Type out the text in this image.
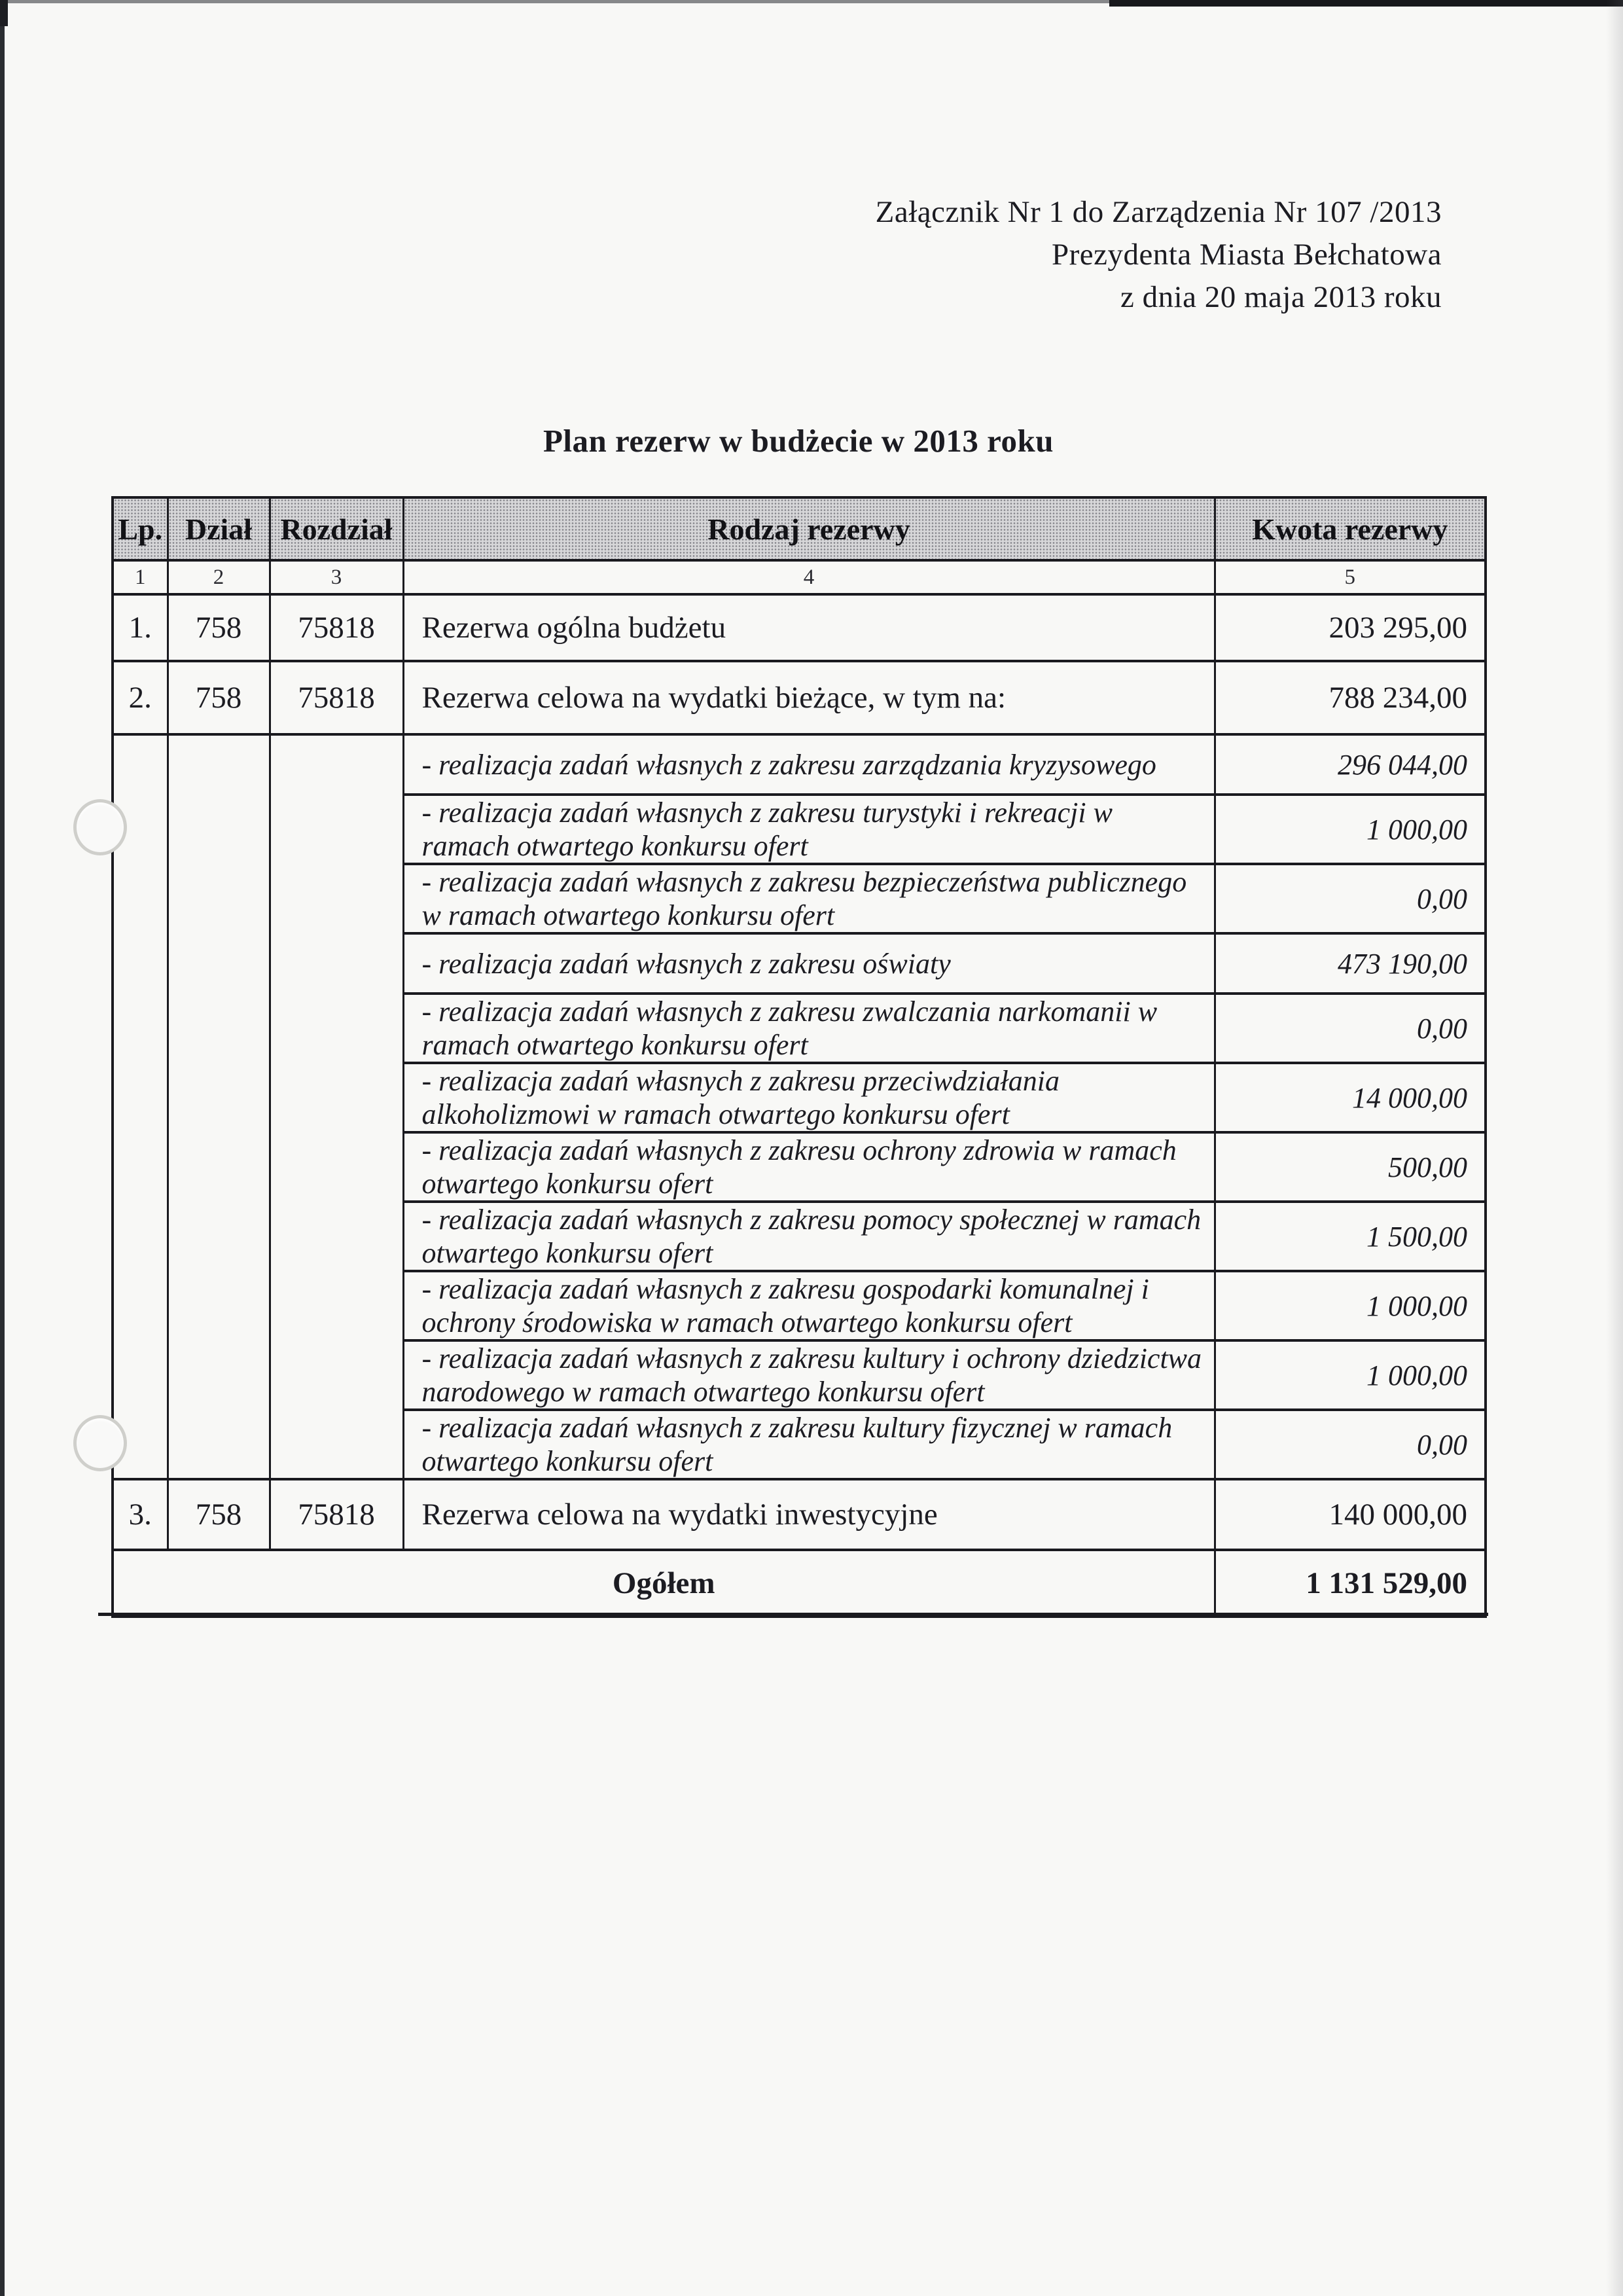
Załącznik Nr 1 do Zarządzenia Nr 107 /2013
Prezydenta Miasta Bełchatowa
z dnia 20 maja 2013 roku
Plan rezerw w budżecie w 2013 roku
Lp.	Dział	Rozdział	Rodzaj rezerwy	Kwota rezerwy
1	2	3	4	5
1.	758	75818	Rezerwa ogólna budżetu	203 295,00
2.	758	75818	Rezerwa celowa na wydatki bieżące, w tym na:	788 234,00
			- realizacja zadań własnych z zakresu zarządzania kryzysowego	296 044,00
			- realizacja zadań własnych z zakresu turystyki i rekreacji w ramach otwartego konkursu ofert	1 000,00
			- realizacja zadań własnych z zakresu bezpieczeństwa publicznego w ramach otwartego konkursu ofert	0,00
			- realizacja zadań własnych z zakresu oświaty	473 190,00
			- realizacja zadań własnych z zakresu zwalczania narkomanii w ramach otwartego konkursu ofert	0,00
			- realizacja zadań własnych z zakresu przeciwdziałania alkoholizmowi w ramach otwartego konkursu ofert	14 000,00
			- realizacja zadań własnych z zakresu ochrony zdrowia w ramach otwartego konkursu ofert	500,00
			- realizacja zadań własnych z zakresu pomocy społecznej w ramach otwartego konkursu ofert	1 500,00
			- realizacja zadań własnych z zakresu gospodarki komunalnej i ochrony środowiska w ramach otwartego konkursu ofert	1 000,00
			- realizacja zadań własnych z zakresu kultury i ochrony dziedzictwa narodowego w ramach otwartego konkursu ofert	1 000,00
			- realizacja zadań własnych z zakresu kultury fizycznej w ramach otwartego konkursu ofert	0,00
3.	758	75818	Rezerwa celowa na wydatki inwestycyjne	140 000,00
Ogółem				1 131 529,00
